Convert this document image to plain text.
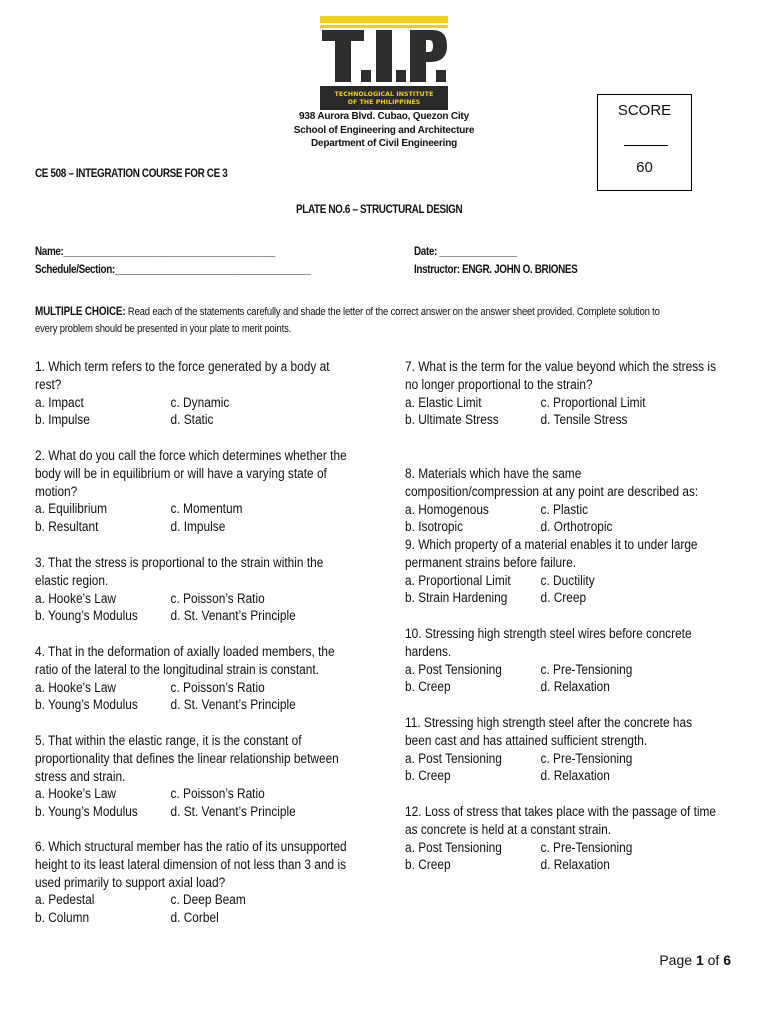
TECHNOLOGICAL INSTITUTE
OF THE PHILIPPINES
938 Aurora Blvd. Cubao, Quezon City
School of Engineering and Architecture
Department of Civil Engineering
SCORE
60
CE 508 – INTEGRATION COURSE FOR CE 3
PLATE NO.6 – STRUCTURAL DESIGN
Name:_________________________________________
Schedule/Section:______________________________________
Date: _______________
Instructor: ENGR. JOHN O. BRIONES
MULTIPLE CHOICE: Read each of the statements carefully and shade the letter of the correct answer on the answer sheet provided. Complete solution to
every problem should be presented in your plate to merit points.
1. Which term refers to the force generated by a body at
rest?
a. Impact	c. Dynamic
b. Impulse	d. Static
2. What do you call the force which determines whether the
body will be in equilibrium or will have a varying state of
motion?
a. Equilibrium	c. Momentum
b. Resultant	d. Impulse
3. That the stress is proportional to the strain within the
elastic region.
a. Hooke’s Law	c. Poisson’s Ratio
b. Young’s Modulus d. St. Venant’s Principle
4. That in the deformation of axially loaded members, the
ratio of the lateral to the longitudinal strain is constant.
a. Hooke’s Law	c. Poisson’s Ratio
b. Young’s Modulus d. St. Venant’s Principle
5. That within the elastic range, it is the constant of
proportionality that defines the linear relationship between
stress and strain.
a. Hooke’s Law	c. Poisson’s Ratio
b. Young’s Modulus d. St. Venant’s Principle
6. Which structural member has the ratio of its unsupported
height to its least lateral dimension of not less than 3 and is
used primarily to support axial load?
a. Pedestal	c. Deep Beam
b. Column	d. Corbel
7. What is the term for the value beyond which the stress is
no longer proportional to the strain?
a. Elastic Limit	c. Proportional Limit
b. Ultimate Stress	d. Tensile Stress
8. Materials which have the same
composition/compression at any point are described as:
a. Homogenous	c. Plastic
b. Isotropic	d. Orthotropic
9. Which property of a material enables it to under large
permanent strains before failure.
a. Proportional Limit c. Ductility
b. Strain Hardening d. Creep
10. Stressing high strength steel wires before concrete
hardens.
a. Post Tensioning	c. Pre-Tensioning
b. Creep	d. Relaxation
11. Stressing high strength steel after the concrete has
been cast and has attained sufficient strength.
a. Post Tensioning	c. Pre-Tensioning
b. Creep	d. Relaxation
12. Loss of stress that takes place with the passage of time
as concrete is held at a constant strain.
a. Post Tensioning	c. Pre-Tensioning
b. Creep	d. Relaxation
Page 1 of 6
